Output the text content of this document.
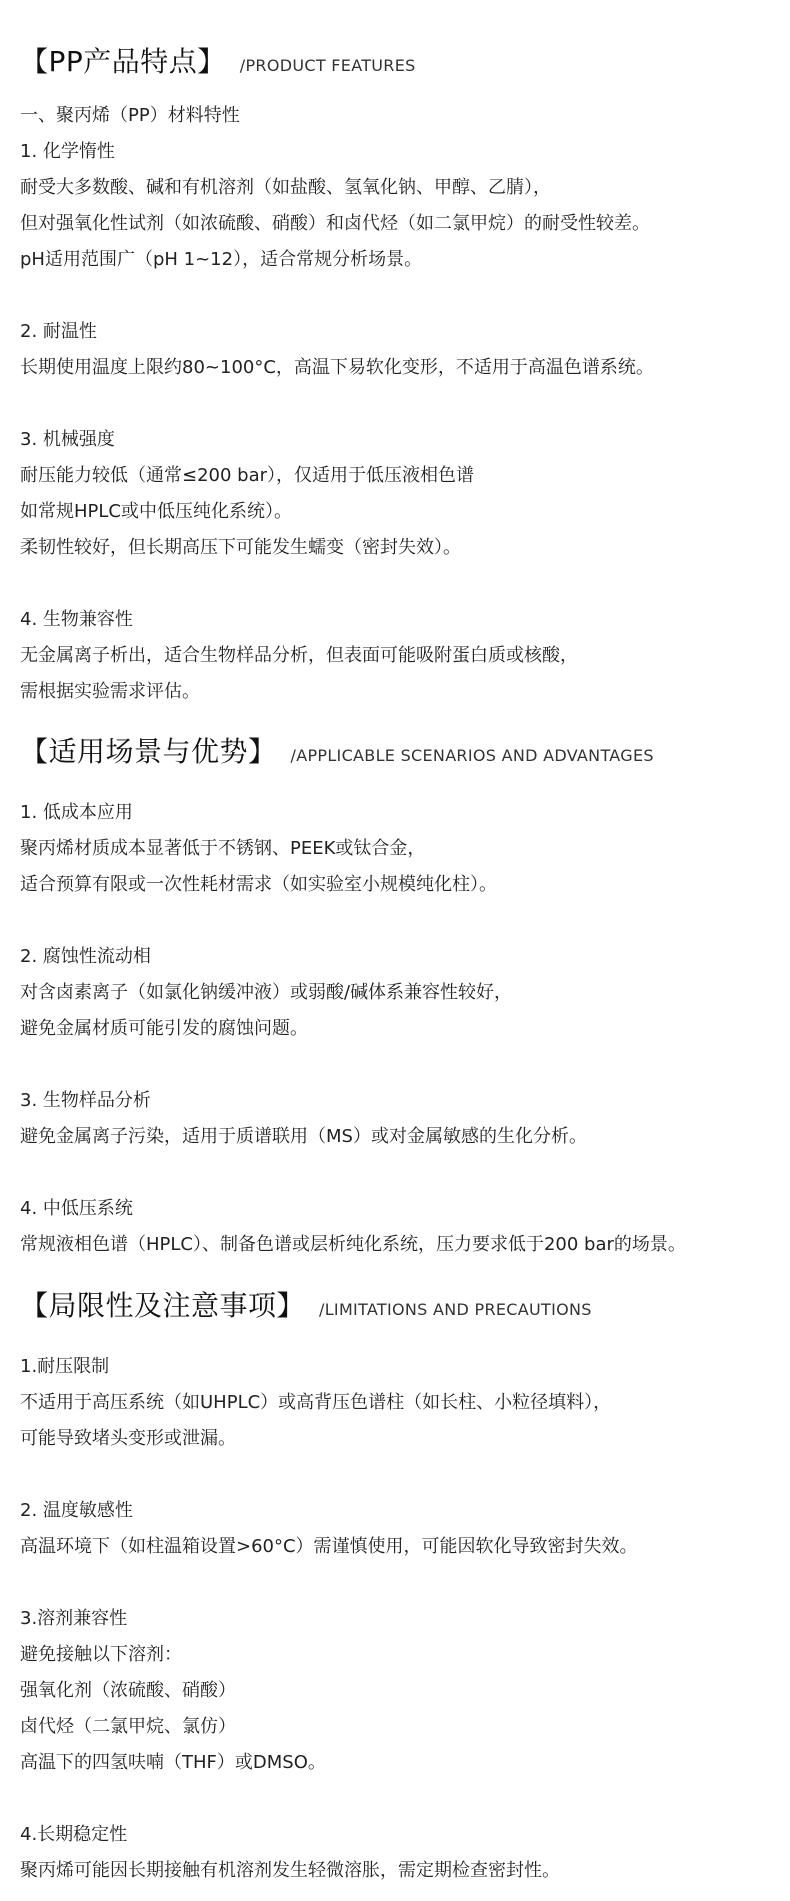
【PP产品特点】 /PRODUCT FEATURES
一、聚丙烯（PP）材料特性
1. 化学惰性
耐受大多数酸、碱和有机溶剂（如盐酸、氢氧化钠、甲醇、乙腈），
但对强氧化性试剂（如浓硫酸、硝酸）和卤代烃（如二氯甲烷）的耐受性较差。
pH适用范围广（pH 1~12），适合常规分析场景。
2. 耐温性
长期使用温度上限约80~100°C，高温下易软化变形，不适用于高温色谱系统。
3. 机械强度
耐压能力较低（通常≤200 bar），仅适用于低压液相色谱
如常规HPLC或中低压纯化系统）。
柔韧性较好，但长期高压下可能发生蠕变（密封失效）。
4. 生物兼容性
无金属离子析出，适合生物样品分析，但表面可能吸附蛋白质或核酸，
需根据实验需求评估。
【适用场景与优势】 /APPLICABLE SCENARIOS AND ADVANTAGES
1. 低成本应用
聚丙烯材质成本显著低于不锈钢、PEEK或钛合金，
适合预算有限或一次性耗材需求（如实验室小规模纯化柱）。
2. 腐蚀性流动相
对含卤素离子（如氯化钠缓冲液）或弱酸/碱体系兼容性较好，
避免金属材质可能引发的腐蚀问题。
3. 生物样品分析
避免金属离子污染，适用于质谱联用（MS）或对金属敏感的生化分析。
4. 中低压系统
常规液相色谱（HPLC）、制备色谱或层析纯化系统，压力要求低于200 bar的场景。
【局限性及注意事项】 /LIMITATIONS AND PRECAUTIONS
1.耐压限制
不适用于高压系统（如UHPLC）或高背压色谱柱（如长柱、小粒径填料），
可能导致堵头变形或泄漏。
2. 温度敏感性
高温环境下（如柱温箱设置>60°C）需谨慎使用，可能因软化导致密封失效。
3.溶剂兼容性
避免接触以下溶剂：
强氧化剂（浓硫酸、硝酸）
卤代烃（二氯甲烷、氯仿）
高温下的四氢呋喃（THF）或DMSO。
4.长期稳定性
聚丙烯可能因长期接触有机溶剂发生轻微溶胀，需定期检查密封性。
